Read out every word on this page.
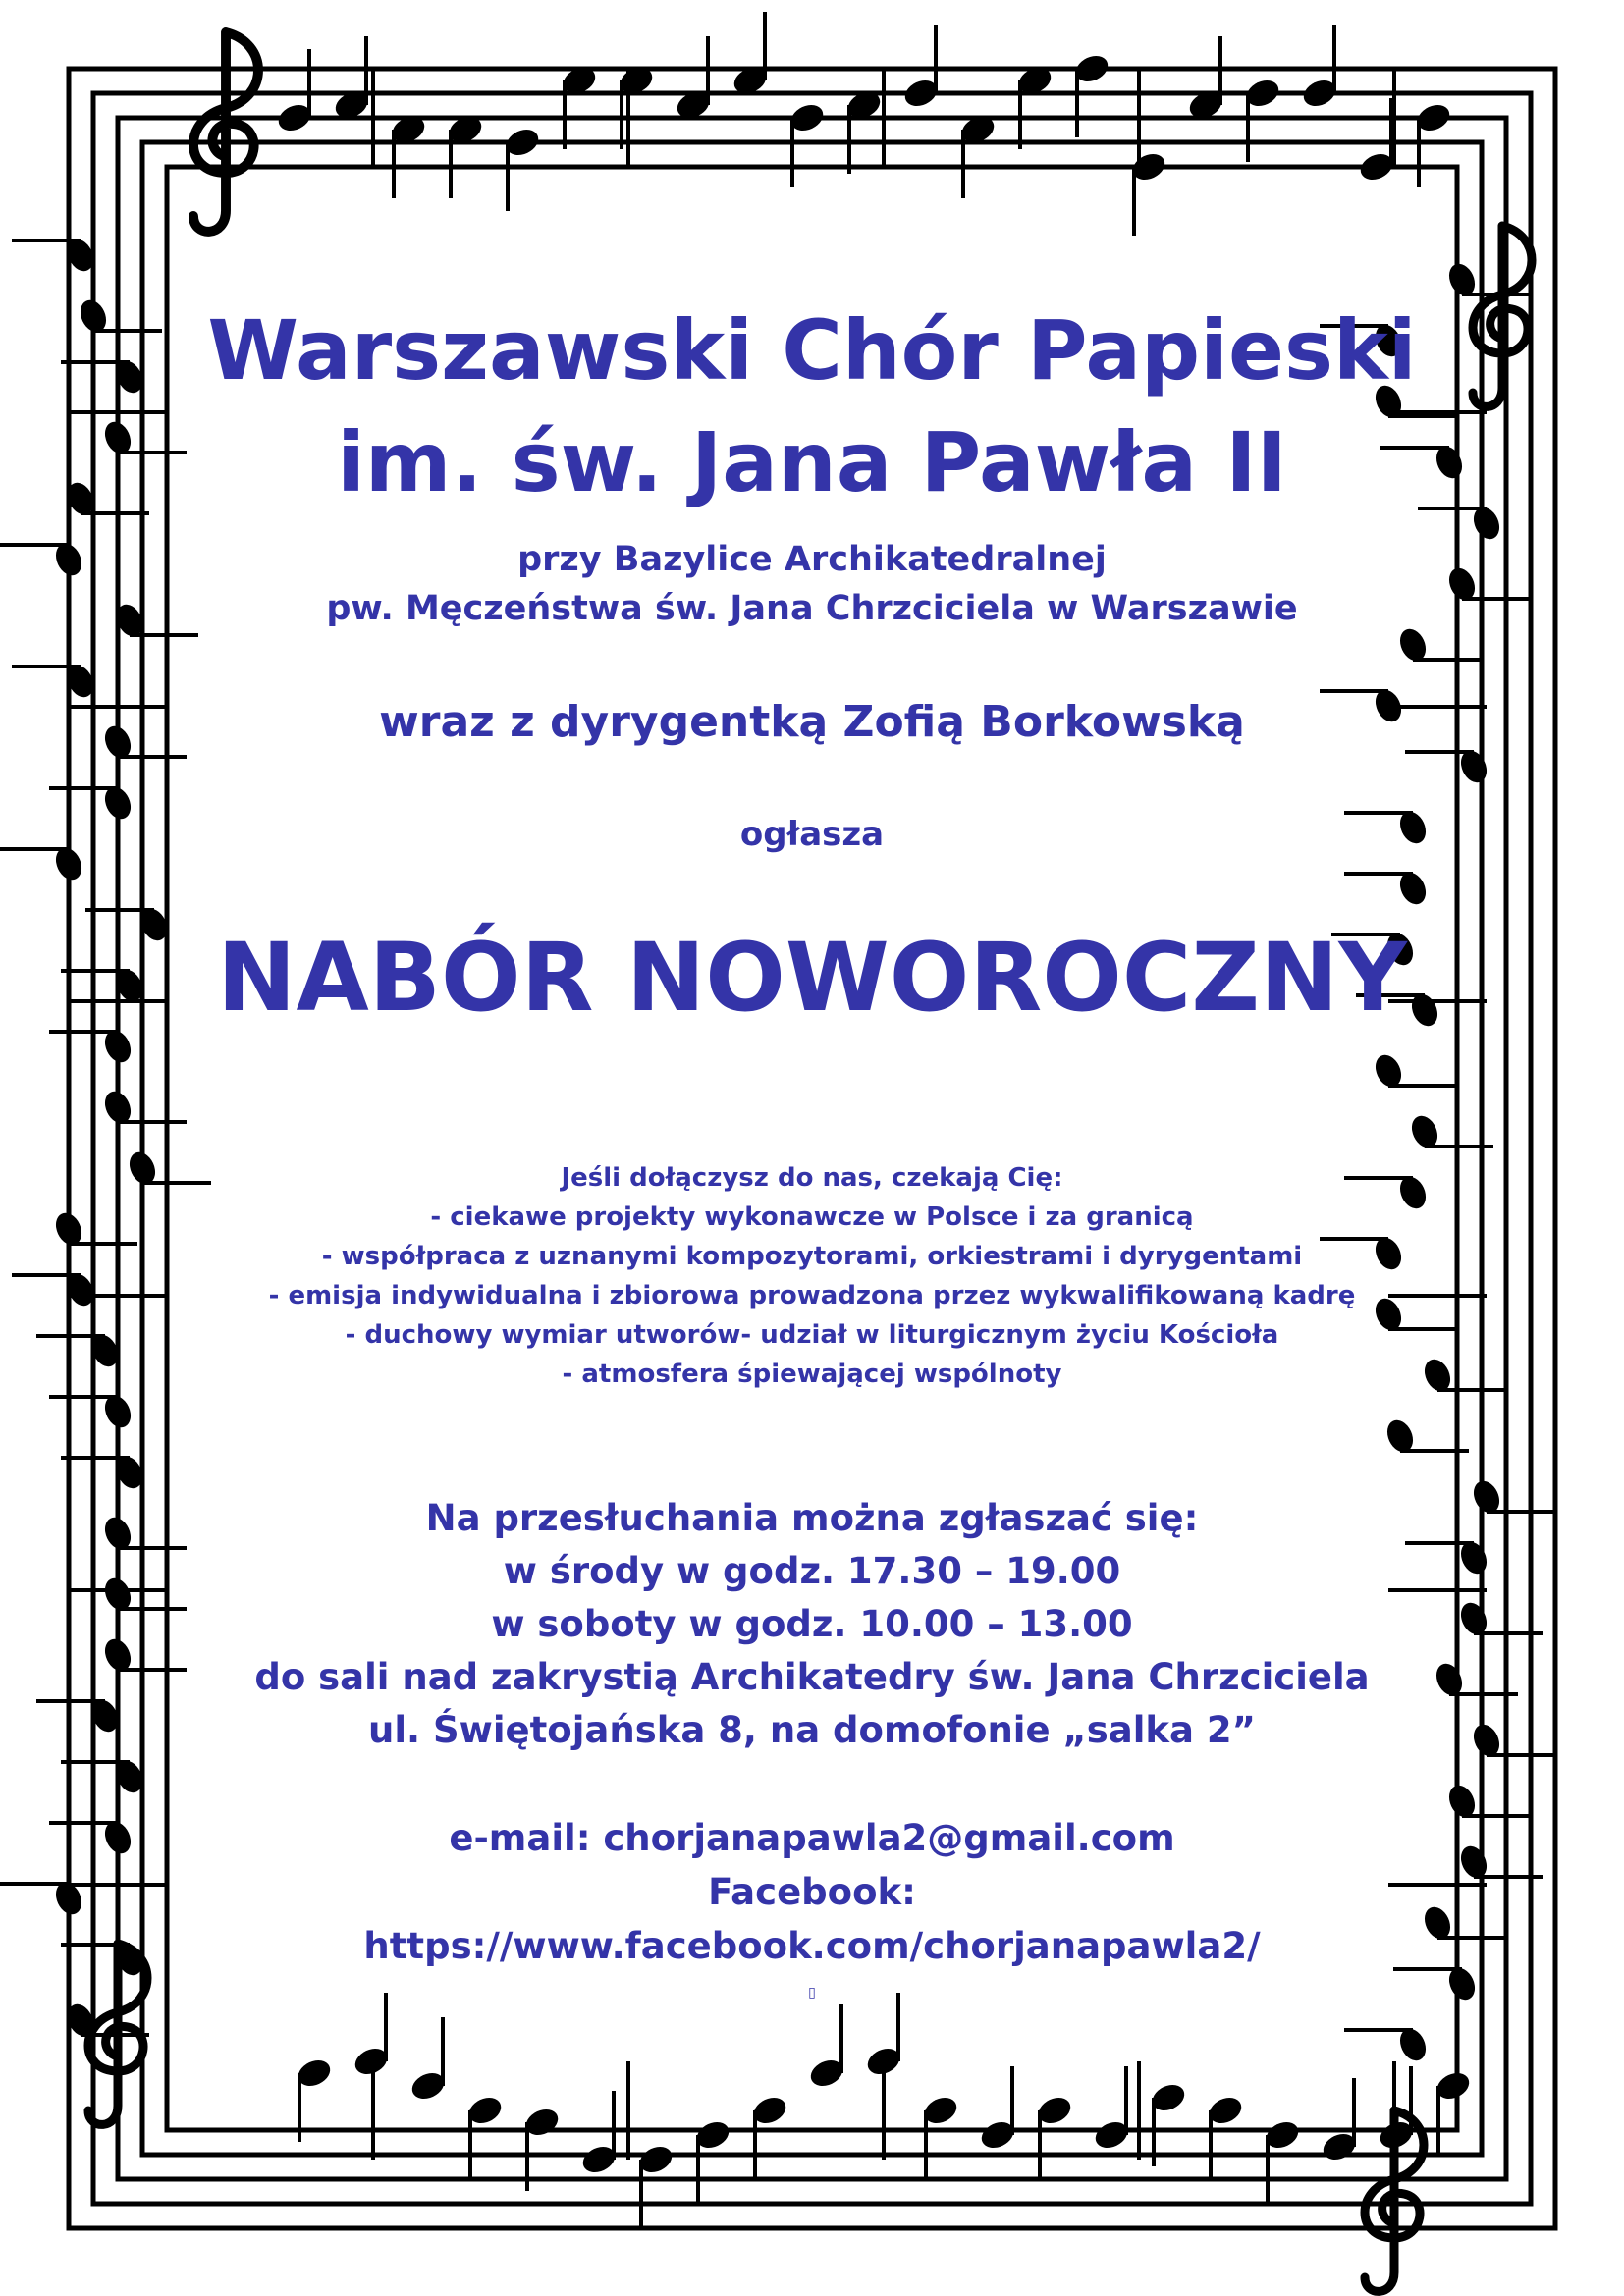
Warszawski Chór Papieski
im. św. Jana Pawła II
przy Bazylice Archikatedralnej
pw. Męczeństwa św. Jana Chrzciciela w Warszawie
wraz z dyrygentką Zofią Borkowską
ogłasza
NABÓR NOWOROCZNY
Jeśli dołączysz do nas, czekają Cię:
- ciekawe projekty wykonawcze w Polsce i za granicą
- współpraca z uznanymi kompozytorami, orkiestrami i dyrygentami
- emisja indywidualna i zbiorowa prowadzona przez wykwalifikowaną kadrę
- duchowy wymiar utworów- udział w liturgicznym życiu Kościoła
- atmosfera śpiewającej wspólnoty
Na przesłuchania można zgłaszać się:
w środy w godz. 17.30 – 19.00
w soboty w godz. 10.00 – 13.00
do sali nad zakrystią Archikatedry św. Jana Chrzciciela
ul. Świętojańska 8, na domofonie „salka 2”
e-mail: chorjanapawla2@gmail.com
Facebook:
https://www.facebook.com/chorjanapawla2/
▯
